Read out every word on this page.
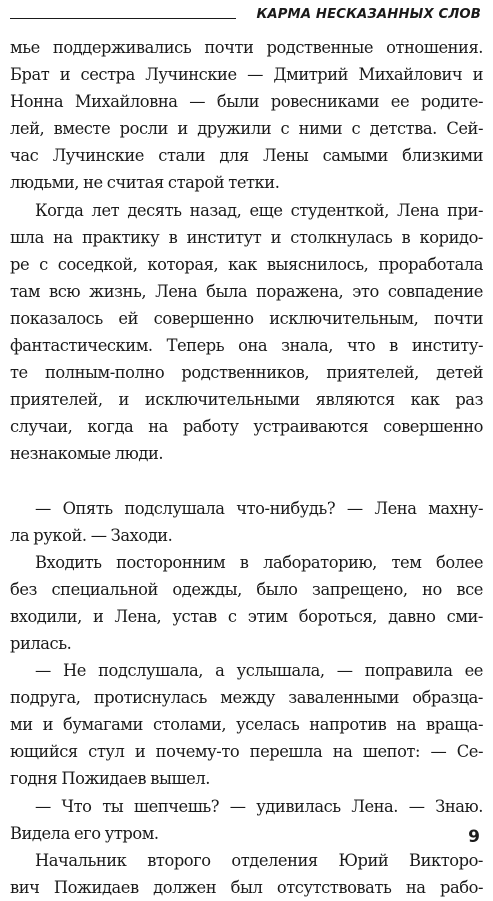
КАРМА НЕСКАЗАННЫХ СЛОВ
мье поддерживались почти родственные отношения.
Брат и сестра Лучинские — Дмитрий Михайлович и
Нонна Михайловна — были ровесниками ее родите-
лей, вместе росли и дружили с ними с детства. Сей-
час Лучинские стали для Лены самыми близкими
людьми, не считая старой тетки.
Когда лет десять назад, еще студенткой, Лена при-
шла на практику в институт и столкнулась в коридо-
ре с соседкой, которая, как выяснилось, проработала
там всю жизнь, Лена была поражена, это совпадение
показалось ей совершенно исключительным, почти
фантастическим. Теперь она знала, что в институ-
те полным-полно родственников, приятелей, детей
приятелей, и исключительными являются как раз
случаи, когда на работу устраиваются совершенно
незнакомые люди.
— Опять подслушала что-нибудь? — Лена махну-
ла рукой. — Заходи.
Входить посторонним в лабораторию, тем более
без специальной одежды, было запрещено, но все
входили, и Лена, устав с этим бороться, давно сми-
рилась.
— Не подслушала, а услышала, — поправила ее
подруга, протиснулась между заваленными образца-
ми и бумагами столами, уселась напротив на враща-
ющийся стул и почему-то перешла на шепот: — Се-
годня Пожидаев вышел.
— Что ты шепчешь? — удивилась Лена. — Знаю.
Видела его утром.
Начальник второго отделения Юрий Викторо-
вич Пожидаев должен был отсутствовать на рабо-
9
